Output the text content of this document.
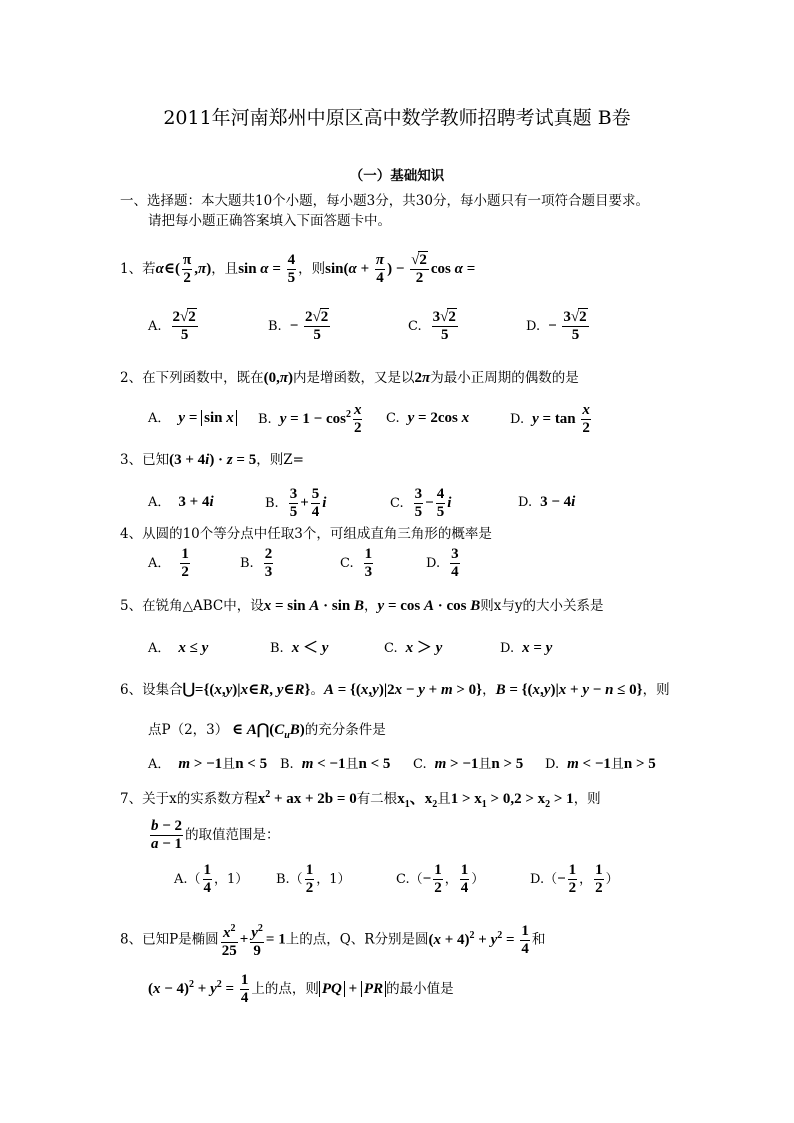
2011年河南郑州中原区高中数学教师招聘考试真题 B卷
（一）基础知识
一、选择题：本大题共10个小题，每小题3分，共30分，每小题只有一项符合题目要求。
请把每小题正确答案填入下面答题卡中。
1、若α∈( $\frac{\pi}{2} ,\pi$)，且$\sin \alpha = \frac{4}{5}$ ，则$\sin(\alpha + \frac{\pi}{4}$ ) − $\frac{√2}{2}$ cos α =
A. $\frac{2√2}{5}$	B. − $\frac{2√2}{5}$	C. $\frac{3√2}{5}$	D. − $\frac{3√2}{5}$
2、在下列函数中，既在(0,π)内是增函数，又是以2π为最小正周期的偶数的是
A． y = sin x B. $y = 1 - \cos^2 \frac{x}{2} C$. y = 2cos x	D. $y = \tan \frac{x}{2}$
3、已知(3 + 4i) · z = 5，则Z=
A． 3 + 4i	B. $\frac{3}{5} + \frac{5}{4}$ i	C. $\frac{3}{5} - \frac{4}{5}$ i	D. 3 − 4i
4、从圆的10个等分点中任取3个，可组成直角三角形的概率是
A． $\frac{1}{2}$	B. $\frac{2}{3}$	C. $\frac{1}{3}$	D. $\frac{3}{4}$
5、在锐角△ABC中，设x = sin A · sin B，y = cos A · cos B则x与y的大小关系是
A． x ≤ y	B. x ＜ y	C. x ＞ y	D. x = y
6、设集合⋃={(x,y)|x∈R, y∈R}。A = {(x,y)|2x − y + m > 0}，B = {(x,y)|x + y − n ≤ 0}，则
点P（2，3） ∈ $A⋂(C_uB)$的充分条件是
A． m > −1且n < 5 B. m < −1且n < 5 C. m > −1且n > 5 D. m < −1且n > 5
7、关于x的实系数方程$x^2$ + ax + 2b = 0有二根$x_1$、$x_2$且$1 > x_1 > 0,2 > x_2 > 1$，则
$\frac{b - 2}{a - 1}$ 的取值范围是：
$A.( \frac{1}{4}$ ，1） $B.( \frac{1}{2}$ ，1）	$C.(- \frac{1}{2}$ ， $\frac{1}{4}$ ）	$D.(- \frac{1}{2}$ ， $\frac{1}{2}$ ）
8、已知P是椭圆 $\frac{x^2}{25} + \frac{y^2}{9} = 1$上的点，Q、R分别是圆$(x + 4)^2 + y^2 = \frac{1}{4}$ 和
$(x - 4)^2 + y^2 = \frac{1}{4}$ 上的点，则 PQ + PR 的最小值是
